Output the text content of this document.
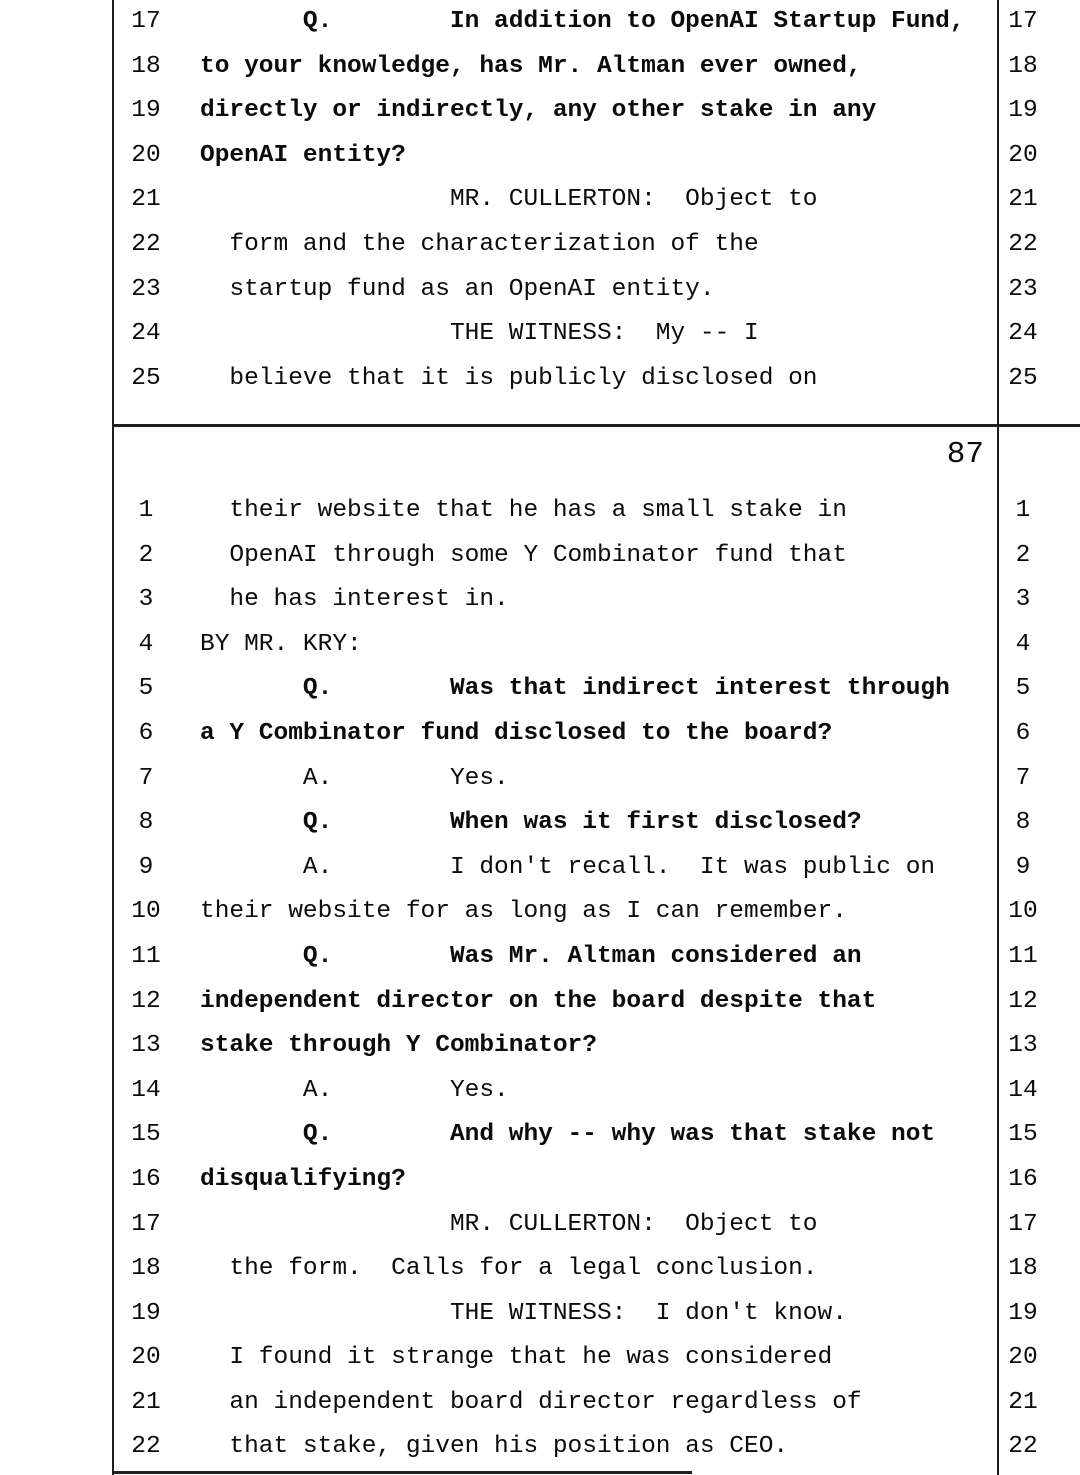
17 Q.        In addition to OpenAI Startup Fund, 17
18 to your knowledge, has Mr. Altman ever owned,	18
19 directly or indirectly, any other stake in any	19
20 OpenAI entity?	20
21 MR. CULLERTON:  Object to	21
22 form and the characterization of the	22
23 startup fund as an OpenAI entity.	23
24 THE WITNESS:  My -- I	24
25 believe that it is publicly disclosed on	25
87
1	their website that he has a small stake in	1
2	OpenAI through some Y Combinator fund that	2
3	he has interest in.	3
4	BY MR. KRY:	4
5	Q.        Was that indirect interest through	5
6	a Y Combinator fund disclosed to the board?	6
7	A.        Yes.	7
8	Q.        When was it first disclosed?	8
9	A.        I don't recall.  It was public on	9
10 their website for as long as I can remember.	10
11 Q.        Was Mr. Altman considered an	11
12 independent director on the board despite that	12
13 stake through Y Combinator?	13
14 A.        Yes.	14
15 Q.        And why -- why was that stake not	15
16 disqualifying?	16
17 MR. CULLERTON:  Object to	17
18 the form.  Calls for a legal conclusion.	18
19 THE WITNESS:  I don't know.	19
20 I found it strange that he was considered	20
21 an independent board director regardless of	21
22 that stake, given his position as CEO.	22
